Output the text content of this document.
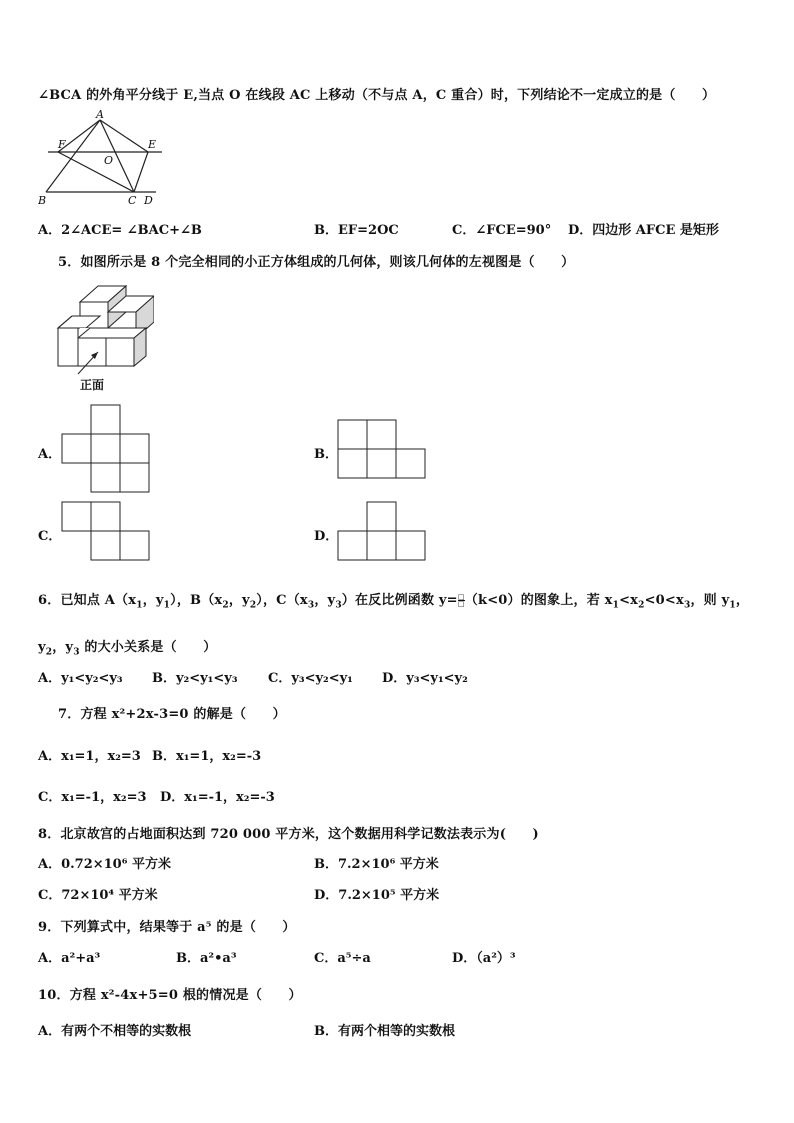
∠BCA 的外角平分线于 E,当点 O 在线段 AC 上移动（不与点 A，C 重合）时，下列结论不一定成立的是（　　）
A
B	C D
E
F
O
A．2∠ACE= ∠BAC+∠B	B．EF=2OC	C．∠FCE=90° D．四边形 AFCE 是矩形
5．如图所示是 8 个完全相同的小正方体组成的几何体，则该几何体的左视图是（　　）
正面
A．	B．
C．	D．
6．已知点 $A(x_1$，$y_1$），$B(x_2$，$y_2$），$C(x_3$，$y_3$）在反比例函数 $y= \frac{□}{□} (k<0)$的图象上，若 $x_1<x_2<0<x_3$，则 $y_1$，
$y_2$，$y_3$ 的大小关系是（　　）
A．y₁<y₂<y₃ B．y₂<y₁<y₃ C．y₃<y₂<y₁ D．y₃<y₁<y₂
7．方程 x²+2x-3=0 的解是（　　）
A．x₁=1，x₂=3 B．x₁=1，x₂=-3
C．x₁=-1，x₂=3 D．x₁=-1，x₂=-3
8．北京故宫的占地面积达到 720 000 平方米，这个数据用科学记数法表示为(　　)
A．0.72×10⁶ 平方米	B．7.2×10⁶ 平方米
C．72×10⁴ 平方米	D．7.2×10⁵ 平方米
9．下列算式中，结果等于 a⁵ 的是（　　）
A．a²+a³	B．a²•a³	C．a⁵÷a	D．（a²）³
10．方程 x²-4x+5=0 根的情况是（　　）
A．有两个不相等的实数根	B．有两个相等的实数根
